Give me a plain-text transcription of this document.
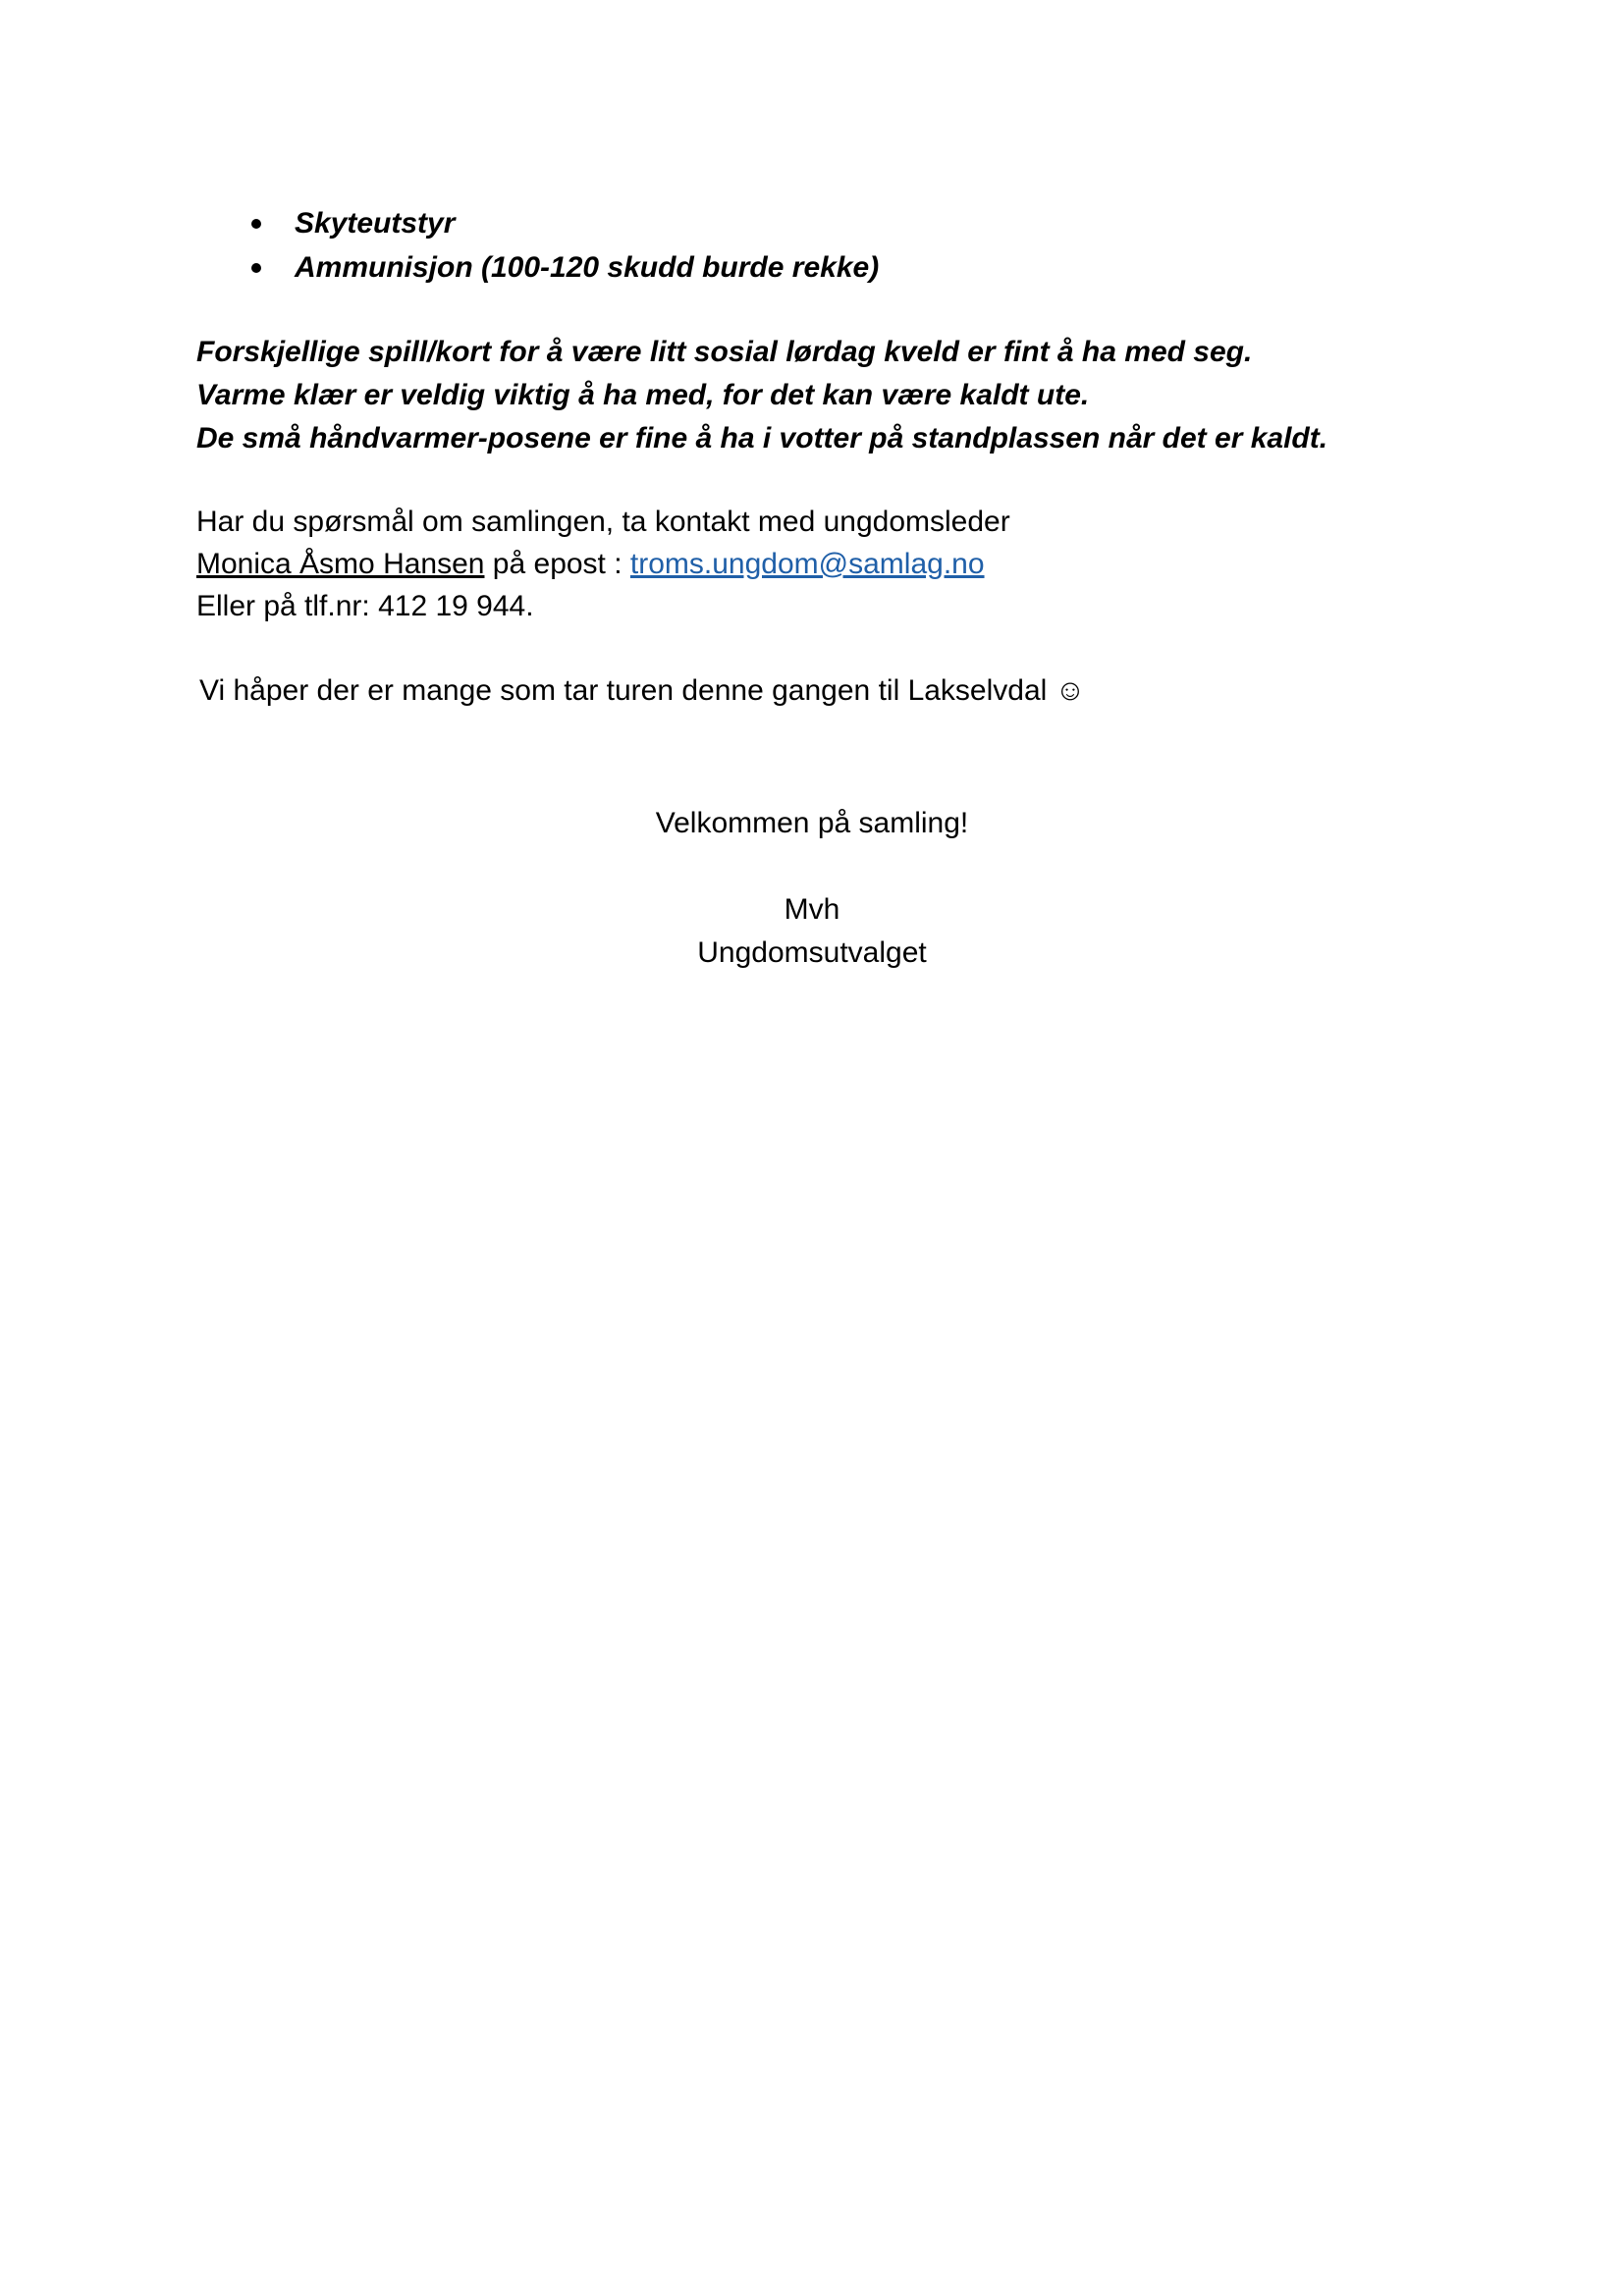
Skyteutstyr
Ammunisjon (100-120 skudd burde rekke)
Forskjellige spill/kort for å være litt sosial lørdag kveld er fint å ha med seg.
Varme klær er veldig viktig å ha med, for det kan være kaldt ute.
De små håndvarmer-posene er fine å ha i votter på standplassen når det er kaldt.
Har du spørsmål om samlingen, ta kontakt med ungdomsleder
Monica Åsmo Hansen på epost : troms.ungdom@samlag.no
Eller på tlf.nr: 412 19 944.
Vi håper der er mange som tar turen denne gangen til Lakselvdal ☺
Velkommen på samling!
Mvh
Ungdomsutvalget
